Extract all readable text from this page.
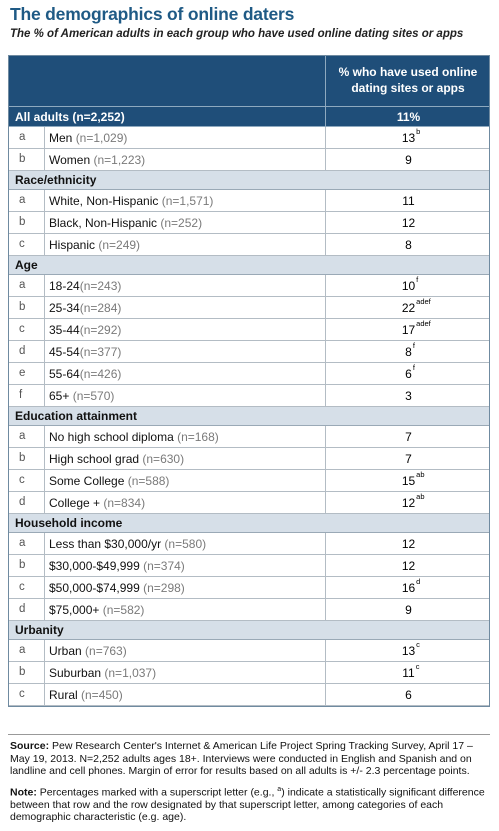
The demographics of online daters
The % of American adults in each group who have used online dating sites or apps
% who have used online dating sites or apps
All adults (n=2,252)	11%
a	Men (n=1,029)	13 b
b	Women (n=1,223)	9
Race/ethnicity
a	White, Non-Hispanic (n=1,571)	11
b	Black, Non-Hispanic (n=252)	12
c	Hispanic (n=249)	8
Age
a	18-24(n=243)	10 f
b	25-34(n=284)	22 adef
c	35-44(n=292)	17 adef
d	45-54(n=377)	8 f
e	55-64(n=426)	6 f
f	65+ (n=570)	3
Education attainment
a	No high school diploma (n=168)	7
b	High school grad (n=630)	7
c	Some College (n=588)	15 ab
d	College + (n=834)	12 ab
Household income
a	Less than $30,000/yr (n=580)	12
b	$30,000-$49,999 (n=374)	12
c	$50,000-$74,999 (n=298)	16 d
d	$75,000+ (n=582)	9
Urbanity
a	Urban (n=763)	13 c
b	Suburban (n=1,037)	11 c
c	Rural (n=450)	6

Source: Pew Research Center's Internet & American Life Project Spring Tracking Survey, April 17 – May 19, 2013. N=2,252 adults ages 18+. Interviews were conducted in English and Spanish and on landline and cell phones. Margin of error for results based on all adults is +/- 2.3 percentage points.

Note: Percentages marked with a superscript letter (e.g., $^a$) indicate a statistically significant difference between that row and the row designated by that superscript letter, among categories of each demographic characteristic (e.g. age).
